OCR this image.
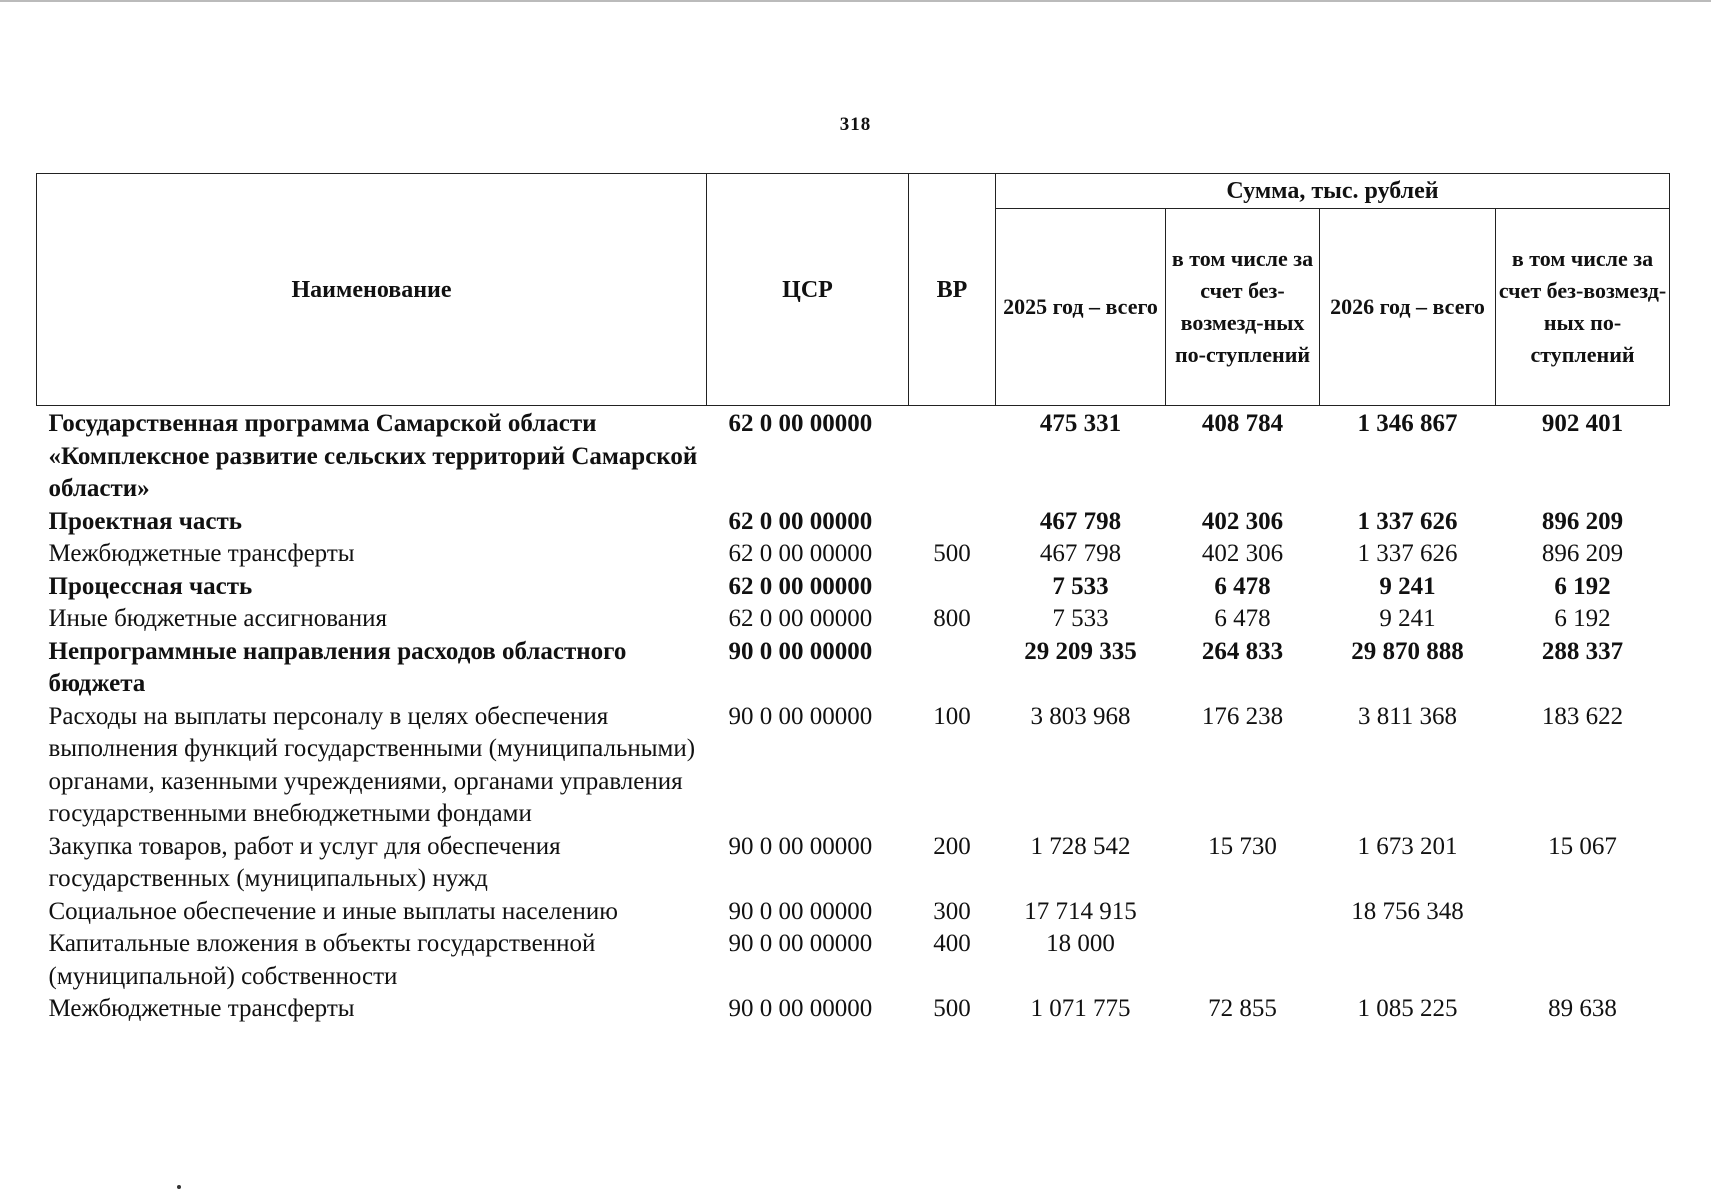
318
Наименование	ЦСР	ВР	Сумма, тыс. рублей			
			2025 год – всего	в том числе за счет без-возмезд-ных по-ступлений	2026 год – всего	в том числе за счет без-возмезд-ных по-ступлений
Государственная программа Самарской области «Комплексное развитие сельских территорий Самарской области»	62 0 00 00000		475 331	408 784	1 346 867	902 401
Проектная часть	62 0 00 00000		467 798	402 306	1 337 626	896 209
Межбюджетные трансферты	62 0 00 00000	500	467 798	402 306	1 337 626	896 209
Процессная часть	62 0 00 00000		7 533	6 478	9 241	6 192
Иные бюджетные ассигнования	62 0 00 00000	800	7 533	6 478	9 241	6 192
Непрограммные направления расходов областного бюджета	90 0 00 00000		29 209 335	264 833	29 870 888	288 337
Расходы на выплаты персоналу в целях обеспечения выполнения функций государственными (муниципальными) органами, казенными учреждениями, органами управления государственными внебюджетными фондами	90 0 00 00000	100	3 803 968	176 238	3 811 368	183 622
Закупка товаров, работ и услуг для обеспечения государственных (муниципальных) нужд	90 0 00 00000	200	1 728 542	15 730	1 673 201	15 067
Социальное обеспечение и иные выплаты населению	90 0 00 00000	300	17 714 915		18 756 348	
Капитальные вложения в объекты государственной (муниципальной) собственности	90 0 00 00000	400	18 000			
Межбюджетные трансферты	90 0 00 00000	500	1 071 775	72 855	1 085 225	89 638
